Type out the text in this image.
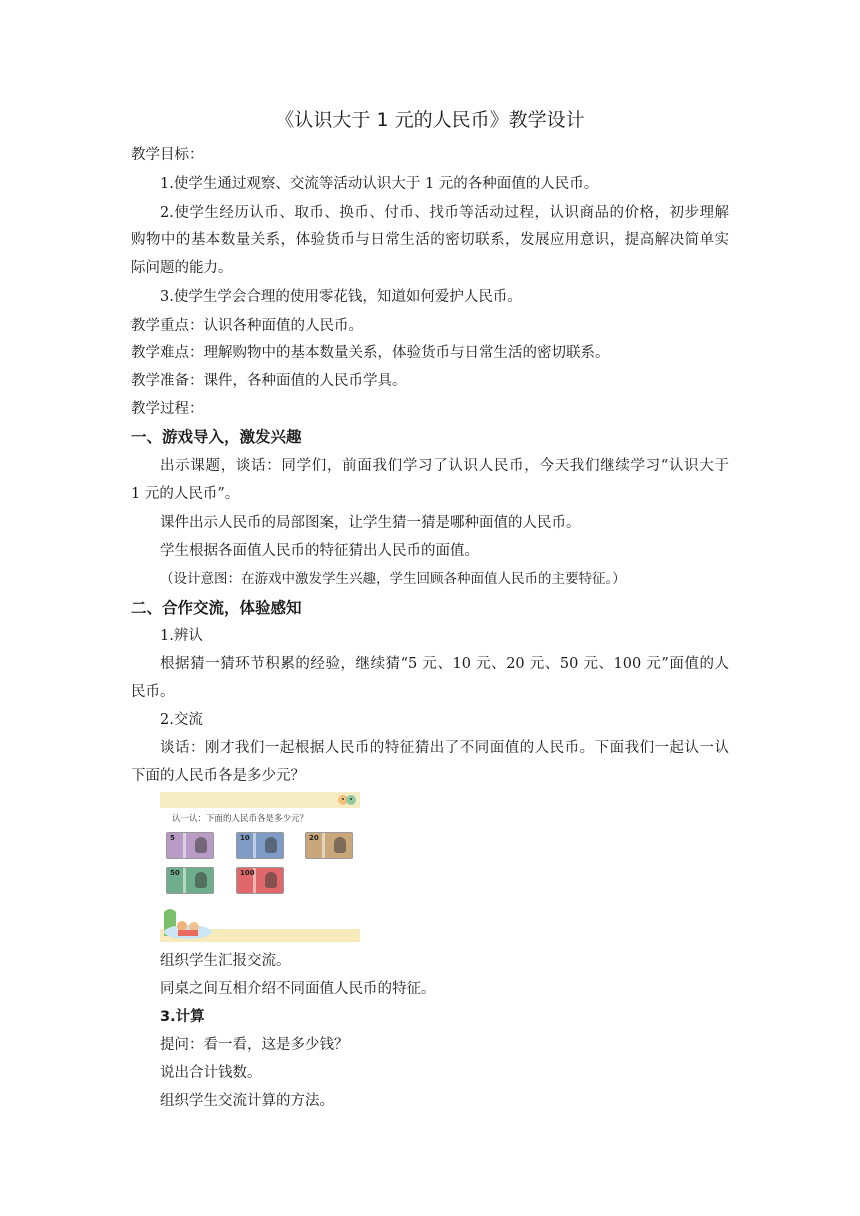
《认识大于 1 元的人民币》教学设计
教学目标：
1.使学生通过观察、交流等活动认识大于 1 元的各种面值的人民币。
2.使学生经历认币、取币、换币、付币、找币等活动过程，认识商品的价格，初步理解
购物中的基本数量关系，体验货币与日常生活的密切联系，发展应用意识，提高解决简单实
际问题的能力。
3.使学生学会合理的使用零花钱，知道如何爱护人民币。
教学重点：认识各种面值的人民币。
教学难点：理解购物中的基本数量关系，体验货币与日常生活的密切联系。
教学准备：课件，各种面值的人民币学具。
教学过程：
一、游戏导入，激发兴趣
出示课题，谈话：同学们，前面我们学习了认识人民币，今天我们继续学习“认识大于
1 元的人民币”。
课件出示人民币的局部图案，让学生猜一猜是哪种面值的人民币。
学生根据各面值人民币的特征猜出人民币的面值。
（设计意图：在游戏中激发学生兴趣，学生回顾各种面值人民币的主要特征。）
二、合作交流，体验感知
1.辨认
根据猜一猜环节积累的经验，继续猜“5 元、10 元、20 元、50 元、100 元”面值的人
民币。
2.交流
谈话：刚才我们一起根据人民币的特征猜出了不同面值的人民币。下面我们一起认一认
下面的人民币各是多少元？
认一认：下面的人民币各是多少元？
5	10	20
50	100
组织学生汇报交流。
同桌之间互相介绍不同面值人民币的特征。
3.计算
提问：看一看，这是多少钱？
说出合计钱数。
组织学生交流计算的方法。
